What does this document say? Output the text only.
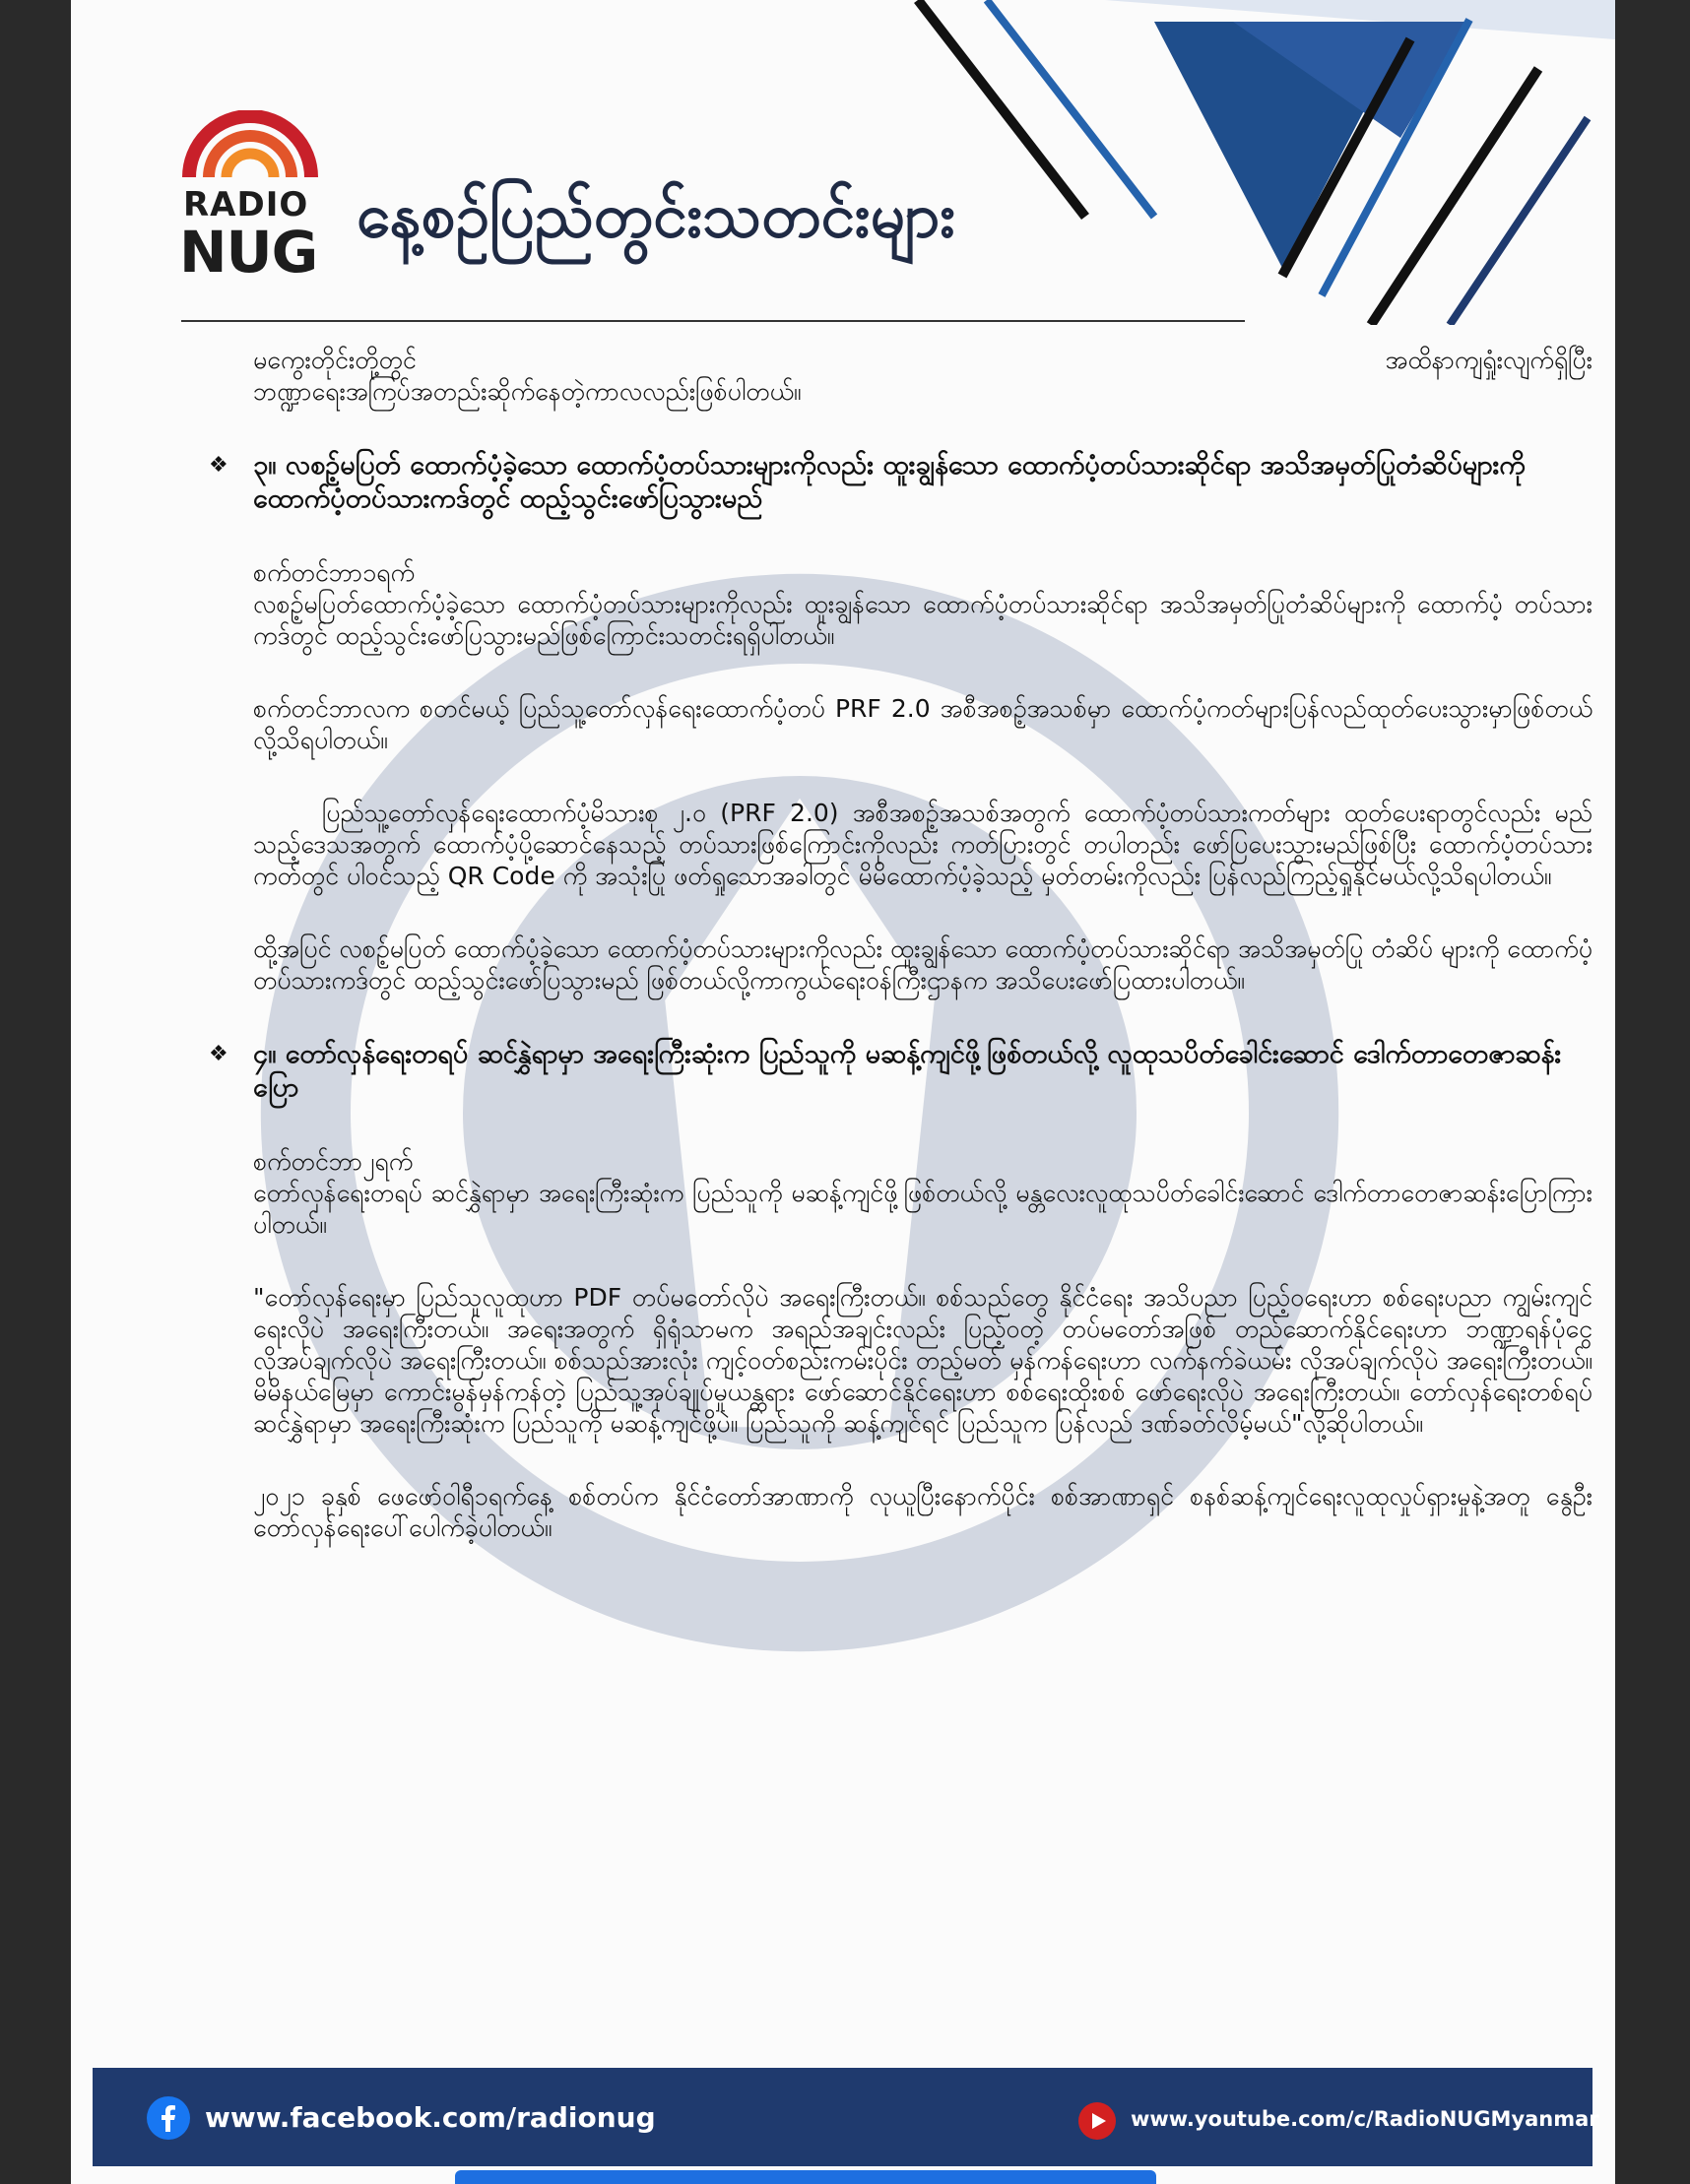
RADIO
NUG
နေ့စဉ်ပြည်တွင်းသတင်းများ
မကွေးတိုင်းတို့တွင်	အထိနာကျရှုံးလျက်ရှိပြီး
ဘဏ္ဍာရေးအကြပ်အတည်းဆိုက်နေတဲ့ကာလလည်းဖြစ်ပါတယ်။
❖ ၃။ လစဥ့်မပြတ် ထောက်ပံ့ခဲ့သော ထောက်ပံ့တပ်သားများကိုလည်း ထူးချွန်သော ထောက်ပံ့တပ်သားဆိုင်ရာ အသိအမှတ်ပြုတံဆိပ်များကို ထောက်ပံ့တပ်သားကဒ်တွင် ထည့်သွင်းဖော်ပြသွားမည်
စက်တင်ဘာ၁ရက်
လစဥ့်မပြတ်ထောက်ပံ့ခဲ့သော ထောက်ပံ့တပ်သားများကိုလည်း ထူးချွန်သော ထောက်ပံ့တပ်သားဆိုင်ရာ အသိအမှတ်ပြုတံဆိပ်များကို ထောက်ပံ့ တပ်သားကဒ်တွင် ထည့်သွင်းဖော်ပြသွားမည်ဖြစ်ကြောင်းသတင်းရရှိပါတယ်။
စက်တင်ဘာလက စတင်မယ့် ပြည်သူ့တော်လှန်ရေးထောက်ပံ့တပ် PRF 2.0 အစီအစဥ့်အသစ်မှာ ထောက်ပံ့ကတ်များပြန်လည်ထုတ်ပေးသွားမှာဖြစ်တယ်လို့သိရပါတယ်။
ပြည်သူ့တော်လှန်ရေးထောက်ပံ့မိသားစု ၂.၀ (PRF 2.0) အစီအစဥ့်အသစ်အတွက် ထောက်ပံ့တပ်သားကတ်များ ထုတ်ပေးရာတွင်လည်း မည်သည့်ဒေသအတွက် ထောက်ပံ့ပို့ဆောင်နေသည့် တပ်သားဖြစ်ကြောင်းကိုလည်း ကတ်ပြားတွင် တပါတည်း ဖော်ပြပေးသွားမည်ဖြစ်ပြီး ထောက်ပံ့တပ်သားကတ်တွင် ပါဝင်သည့် QR Code ကို အသုံးပြု ဖတ်ရှုသောအခါတွင် မိမိထောက်ပံ့ခဲ့သည့် မှတ်တမ်းကိုလည်း ပြန်လည်ကြည့်ရှုနိုင်မယ်လို့သိရပါတယ်။
ထို့အပြင် လစဥ့်မပြတ် ထောက်ပံ့ခဲ့သော ထောက်ပံ့တပ်သားများကိုလည်း ထူးချွန်သော ထောက်ပံ့တပ်သားဆိုင်ရာ အသိအမှတ်ပြု တံဆိပ် များကို ထောက်ပံ့တပ်သားကဒ်တွင် ထည့်သွင်းဖော်ပြသွားမည် ဖြစ်တယ်လို့ကာကွယ်ရေးဝန်ကြီးဌာနက အသိပေးဖော်ပြထားပါတယ်။
❖ ၄။ တော်လှန်ရေးတရပ် ဆင်နွှဲရာမှာ အရေးကြီးဆုံးက ပြည်သူကို မဆန့်ကျင်ဖို့ဖြစ်တယ်လို့ လူထုသပိတ်ခေါင်းဆောင် ဒေါက်တာတေဇာဆန်းပြော
စက်တင်ဘာ၂ရက်
တော်လှန်ရေးတရပ် ဆင်နွှဲရာမှာ အရေးကြီးဆုံးက ပြည်သူကို မဆန့်ကျင်ဖို့ဖြစ်တယ်လို့ မန္တလေးလူထုသပိတ်ခေါင်းဆောင် ဒေါက်တာတေဇာဆန်းပြောကြားပါတယ်။
"တော်လှန်ရေးမှာ ပြည်သူလူထုဟာ PDF တပ်မတော်လိုပဲ အရေးကြီးတယ်။ စစ်သည်တွေ နိုင်ငံရေး အသိပညာ ပြည့်ဝရေးဟာ စစ်ရေးပညာ ကျွမ်းကျင်ရေးလိုပဲ အရေးကြီးတယ်။ အရေးအတွက် ရှိရုံသာမက အရည်အချင်းလည်း ပြည့်ဝတဲ့ တပ်မတော်အဖြစ် တည်ဆောက်နိုင်ရေးဟာ ဘဏ္ဍာရန်ပုံငွေ လိုအပ်ချက်လိုပဲ အရေးကြီးတယ်။ စစ်သည်အားလုံး ကျင့်ဝတ်စည်းကမ်းပိုင်း တည့်မတ် မှန်ကန်ရေးဟာ လက်နက်ခဲယမ်း လိုအပ်ချက်လိုပဲ အရေးကြီးတယ်။ မိမိနယ်မြေမှာ ကောင်းမွန်မှန်ကန်တဲ့ ပြည်သူ့အုပ်ချုပ်မှုယန္တရား ဖော်ဆောင်နိုင်ရေးဟာ စစ်ရေးထိုးစစ် ဖော်ရေးလိုပဲ အရေးကြီးတယ်။ တော်လှန်ရေးတစ်ရပ် ဆင်နွှဲရာမှာ အရေးကြီးဆုံးက ပြည်သူကို မဆန့်ကျင်ဖို့ပဲ။ ပြည်သူကို ဆန့်ကျင်ရင် ပြည်သူက ပြန်လည် ဒဏ်ခတ်လိမ့်မယ်"လို့ဆိုပါတယ်။
၂၀၂၁ ခုနှစ် ဖေဖော်ဝါရီ၁ရက်နေ့ စစ်တပ်က နိုင်ငံတော်အာဏာကို လုယူပြီးနောက်ပိုင်း စစ်အာဏာရှင် စနစ်ဆန့်ကျင်ရေးလူထုလှုပ်ရှားမှုနဲ့အတူ နွေဦးတော်လှန်ရေးပေါ်ပေါက်ခဲ့ပါတယ်။
www.facebook.com/radionug	www.youtube.com/c/RadioNUGMyanmar
